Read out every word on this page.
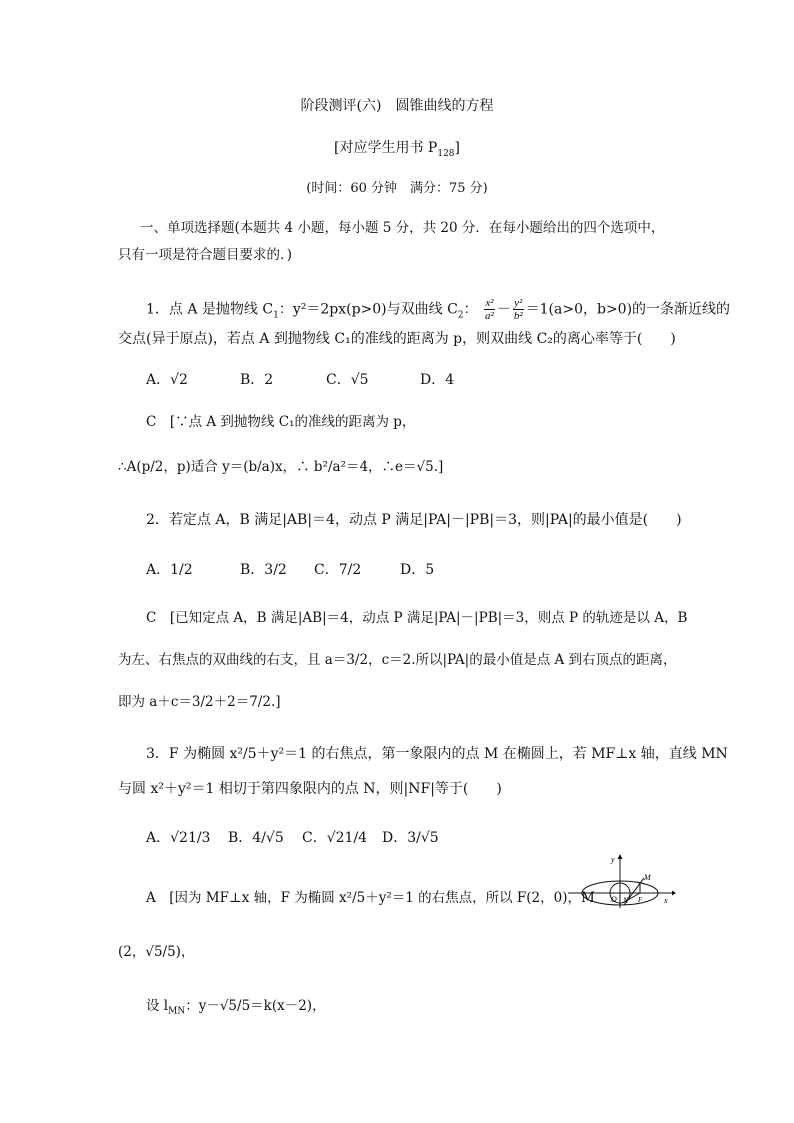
阶段测评(六)　圆锥曲线的方程
[对应学生用书 $P_{128}$]
(时间：60 分钟　满分：75 分)
一、单项选择题(本题共 4 小题，每小题 5 分，共 20 分．在每小题给出的四个选项中，
只有一项是符合题目要求的．)
1．点 A 是抛物线 $C_1$：y²＝2px(p>0)与双曲线 $C_2$： $\frac{\text{x²}}{\text{a²}} - \frac{\text{y²}}{\text{b²}} =1(a>0$，b>0)的一条渐近线的
交点(异于原点)，若点 A 到抛物线 C₁的准线的距离为 p，则双曲线 C₂的离心率等于(　　)
A．√2	B．2	C．√5	D．4
C　[∵点 A 到抛物线 C₁的准线的距离为 p，
∴A(p/2，p)适合 y＝(b/a)x，∴ b²/a²＝4，∴e＝√5.]
2．若定点 A，B 满足|AB|＝4，动点 P 满足|PA|－|PB|＝3，则|PA|的最小值是(　　)
A．1/2	B．3/2 C．7/2	D．5
C　[已知定点 A，B 满足|AB|＝4，动点 P 满足|PA|－|PB|＝3，则点 P 的轨迹是以 A，B
为左、右焦点的双曲线的右支，且 a＝3/2，c＝2.所以|PA|的最小值是点 A 到右顶点的距离，
即为 a＋c＝3/2＋2＝7/2.]
3．F 为椭圆 x²/5＋y²＝1 的右焦点，第一象限内的点 M 在椭圆上，若 MF⊥x 轴，直线 MN
与圆 x²＋y²＝1 相切于第四象限内的点 N，则|NF|等于(　　)
A．√21/3 B．4/√5 C．√21/4 D．3/√5
A　[因为 MF⊥x 轴，F 为椭圆 x²/5＋y²＝1 的右焦点，所以 F(2，0)，M
(2，√5/5)，
设 $l_{MN}$：y－√5/5＝k(x－2)，
y
x
O N F
M
